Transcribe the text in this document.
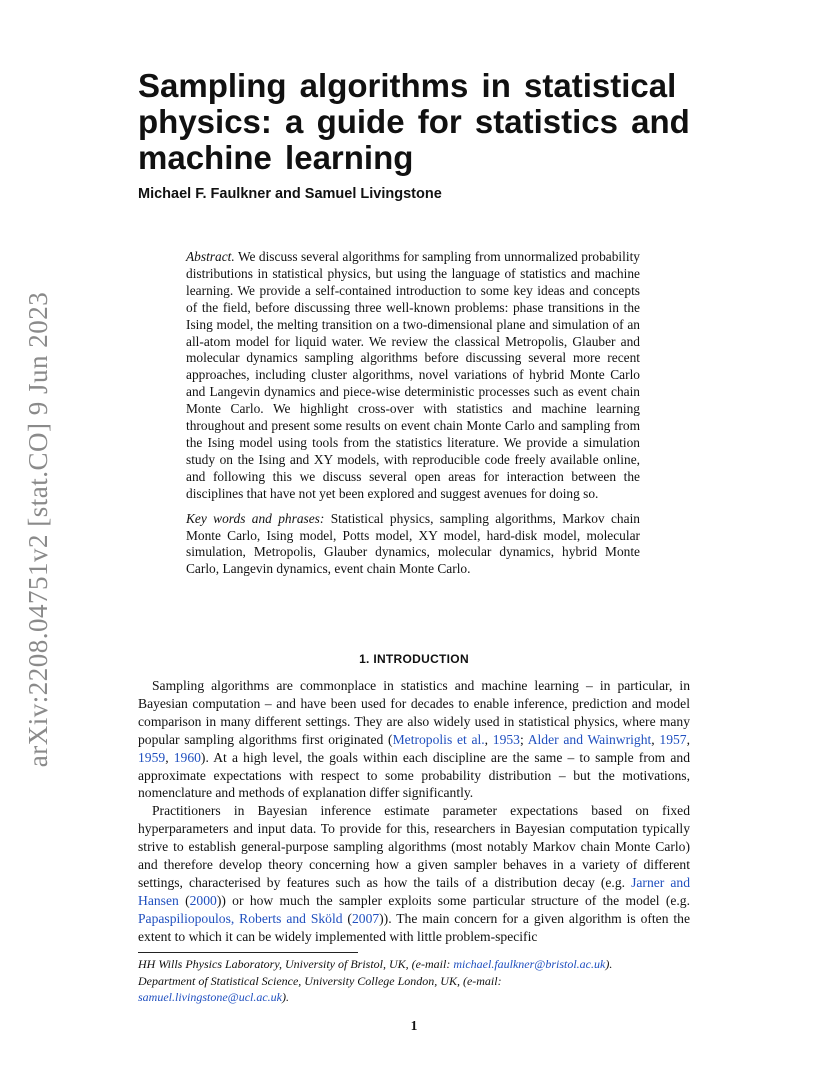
arXiv:2208.04751v2 [stat.CO] 9 Jun 2023
Sampling algorithms in statistical physics: a guide for statistics and machine learning

Michael F. Faulkner and Samuel Livingstone

Abstract. We discuss several algorithms for sampling from unnormalized probability distributions in statistical physics, but using the language of statistics and machine learning. We provide a self-contained introduction to some key ideas and concepts of the field, before discussing three well-known problems: phase transitions in the Ising model, the melting transition on a two-dimensional plane and simulation of an all-atom model for liquid water. We review the classical Metropolis, Glauber and molecular dynamics sampling algorithms before discussing several more recent approaches, including cluster algorithms, novel variations of hybrid Monte Carlo and Langevin dynamics and piece-wise deterministic processes such as event chain Monte Carlo. We highlight cross-over with statistics and machine learning throughout and present some results on event chain Monte Carlo and sampling from the Ising model using tools from the statistics literature. We provide a simulation study on the Ising and XY models, with reproducible code freely available online, and following this we discuss several open areas for interaction between the disciplines that have not yet been explored and suggest avenues for doing so.

Key words and phrases: Statistical physics, sampling algorithms, Markov chain Monte Carlo, Ising model, Potts model, XY model, hard-disk model, molecular simulation, Metropolis, Glauber dynamics, molecular dynamics, hybrid Monte Carlo, Langevin dynamics, event chain Monte Carlo.

1. INTRODUCTION

Sampling algorithms are commonplace in statistics and machine learning – in particular, in Bayesian computation – and have been used for decades to enable inference, prediction and model comparison in many different settings. They are also widely used in statistical physics, where many popular sampling algorithms first originated (Metropolis et al., 1953; Alder and Wainwright, 1957, 1959, 1960). At a high level, the goals within each discipline are the same – to sample from and approximate expectations with respect to some probability distribution – but the motivations, nomenclature and methods of explanation differ significantly.

Practitioners in Bayesian inference estimate parameter expectations based on fixed hyperparameters and input data. To provide for this, researchers in Bayesian computation typically strive to establish general-purpose sampling algorithms (most notably Markov chain Monte Carlo) and therefore develop theory concerning how a given sampler behaves in a variety of different settings, characterised by features such as how the tails of a distribution decay (e.g. Jarner and Hansen (2000)) or how much the sampler exploits some particular structure of the model (e.g. Papaspiliopoulos, Roberts and Sköld (2007)). The main concern for a given algorithm is often the extent to which it can be widely implemented with little problem-specific

HH Wills Physics Laboratory, University of Bristol, UK, (e-mail: michael.faulkner@bristol.ac.uk).

Department of Statistical Science, University College London, UK, (e-mail:

samuel.livingstone@ucl.ac.uk).

1
